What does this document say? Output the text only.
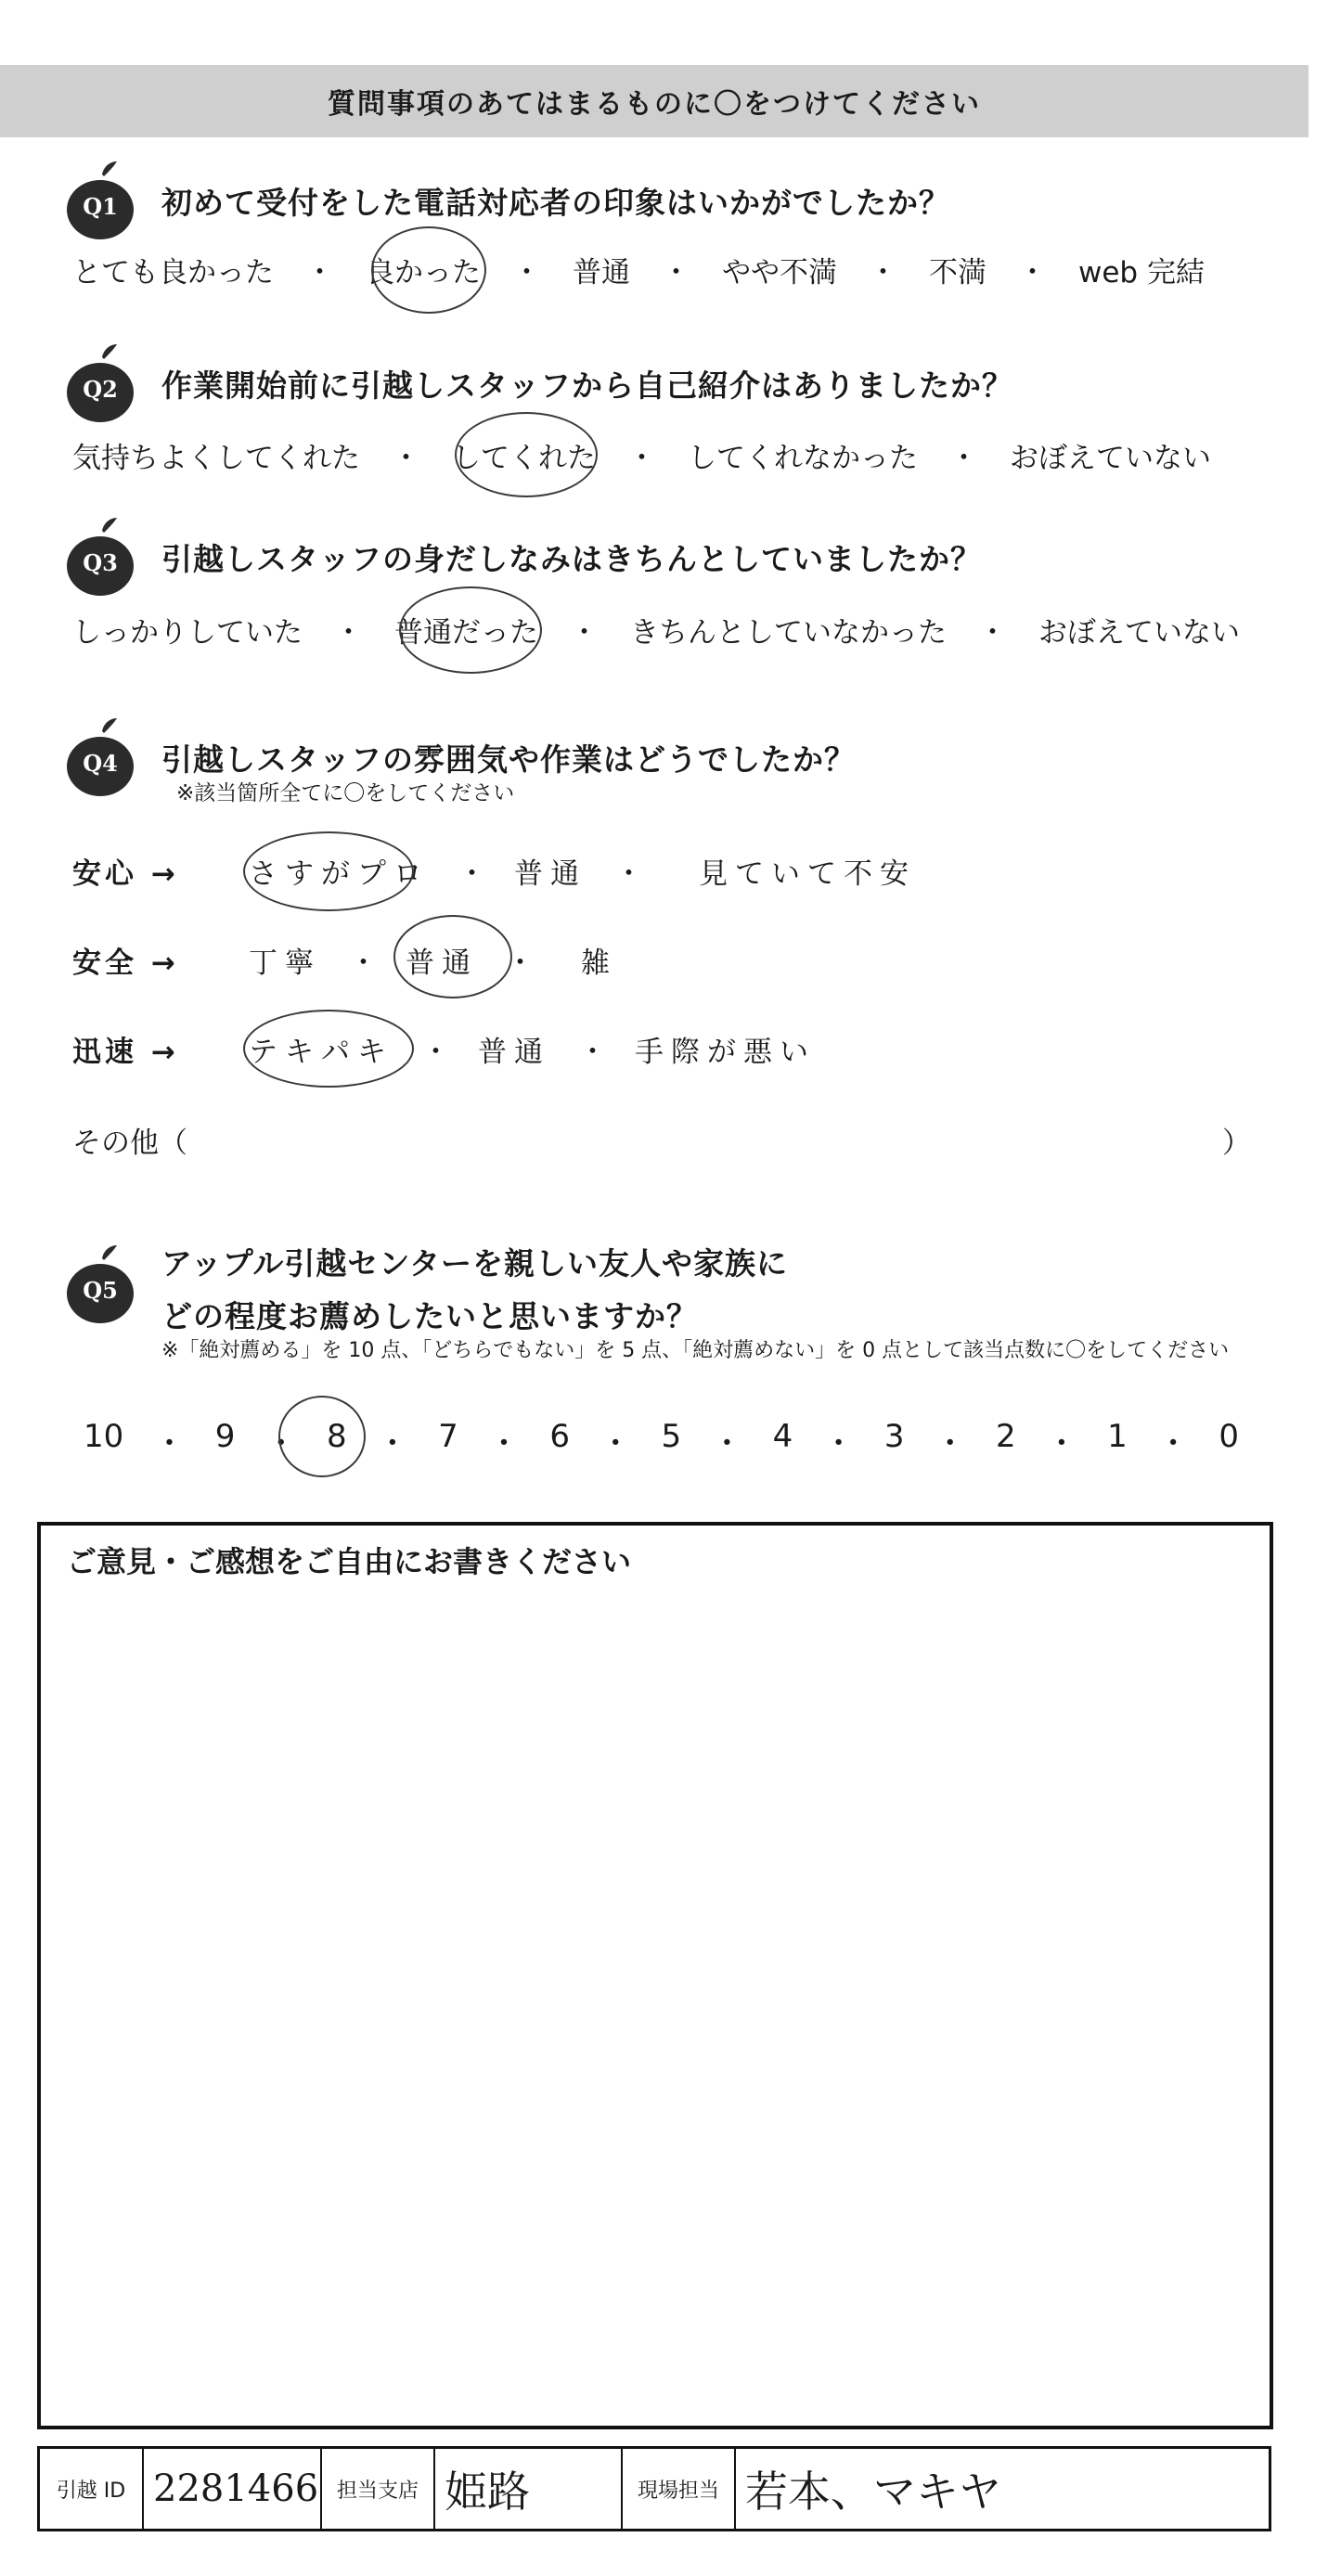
質問事項のあてはまるものに〇をつけてください
Q1	初めて受付をした電話対応者の印象はいかがでしたか？
とても良かった ・ 良かった ・ 普通 ・ やや不満 ・ 不満 ・ web 完結
Q2	作業開始前に引越しスタッフから自己紹介はありましたか？
気持ちよくしてくれた ・ してくれた ・ してくれなかった ・ おぼえていない
Q3	引越しスタッフの身だしなみはきちんとしていましたか？
しっかりしていた ・ 普通だった ・ きちんとしていなかった ・ おぼえていない
Q4	引越しスタッフの雰囲気や作業はどうでしたか？
※該当箇所全てに〇をしてください
安心 →	さすがプロ ・ 普通 ・ 見ていて不安
安全 →	丁寧 ・ 普通 ・ 雑
迅速 →	テキパキ ・ 普通 ・ 手際が悪い
その他（	）
Q5
アップル引越センターを親しい友人や家族に
どの程度お薦めしたいと思いますか？
※「絶対薦める」を 10 点、「どちらでもない」を 5 点、「絶対薦めない」を 0 点として該当点数に〇をしてください
10 ・ 9 ・ 8 ・ 7 ・ 6 ・ 5 ・ 4 ・ 3 ・ 2 ・ 1 ・ 0
ご意見・ご感想をご自由にお書きください
引越 ID 2281466 担当支店 姫路	現場担当 若本、マキヤ
